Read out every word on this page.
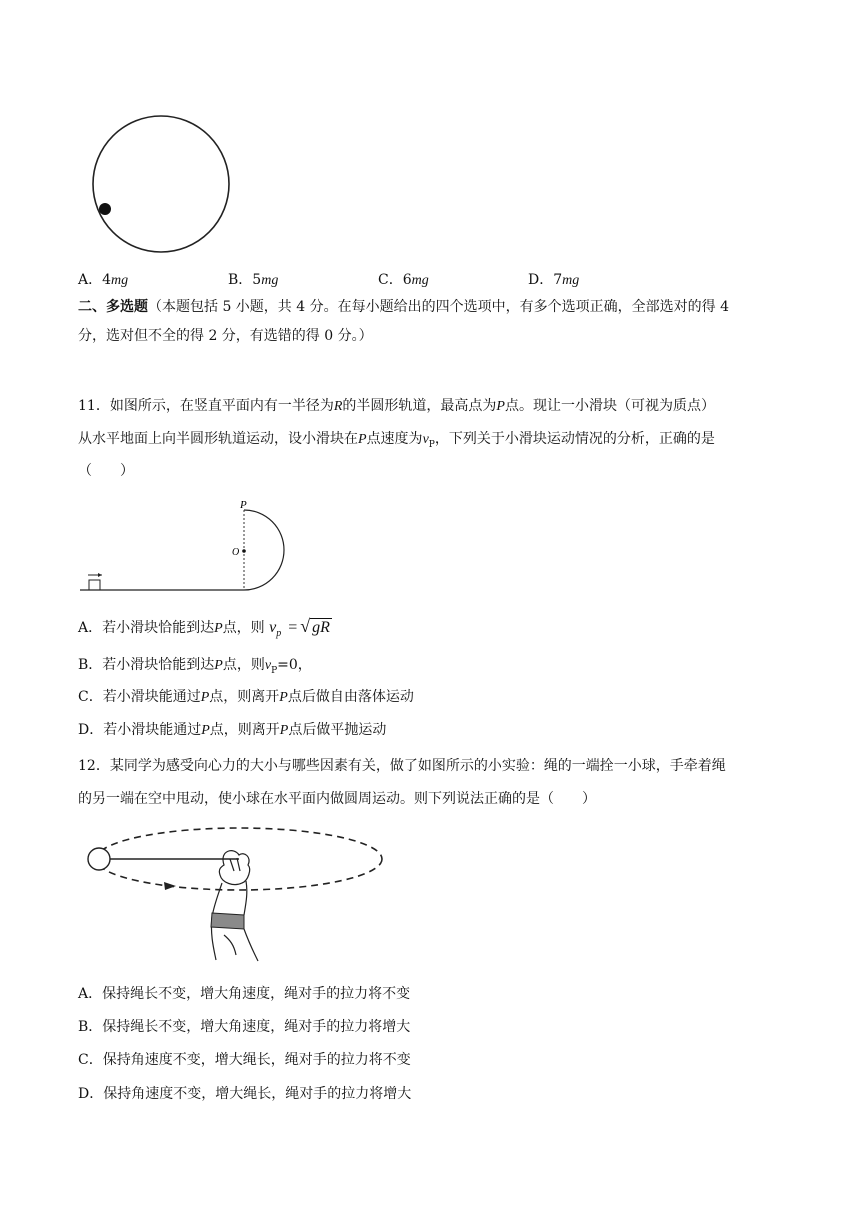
A．4mg	B．5mg	C．6mg	D．7mg
二、多选题（本题包括 5 小题，共 4 分。在每小题给出的四个选项中，有多个选项正确，全部选对的得 4
分，选对但不全的得 2 分，有选错的得 0 分。）
11．如图所示，在竖直平面内有一半径为R的半圆形轨道，最高点为P点。现让一小滑块（可视为质点）
从水平地面上向半圆形轨道运动，设小滑块在P点速度为$v_P$，下列关于小滑块运动情况的分析，正确的是
（　　）
P
O
A．若小滑块恰能到达P点，则 $v_p$ = √ gR
B．若小滑块恰能到达P点，则$v_P=0$，
C．若小滑块能通过P点，则离开P点后做自由落体运动
D．若小滑块能通过P点，则离开P点后做平抛运动
12．某同学为感受向心力的大小与哪些因素有关，做了如图所示的小实验：绳的一端拴一小球，手牵着绳
的另一端在空中甩动，使小球在水平面内做圆周运动。则下列说法正确的是（　　）
A．保持绳长不变，增大角速度，绳对手的拉力将不变
B．保持绳长不变，增大角速度，绳对手的拉力将增大
C．保持角速度不变，增大绳长，绳对手的拉力将不变
D．保持角速度不变，增大绳长，绳对手的拉力将增大
